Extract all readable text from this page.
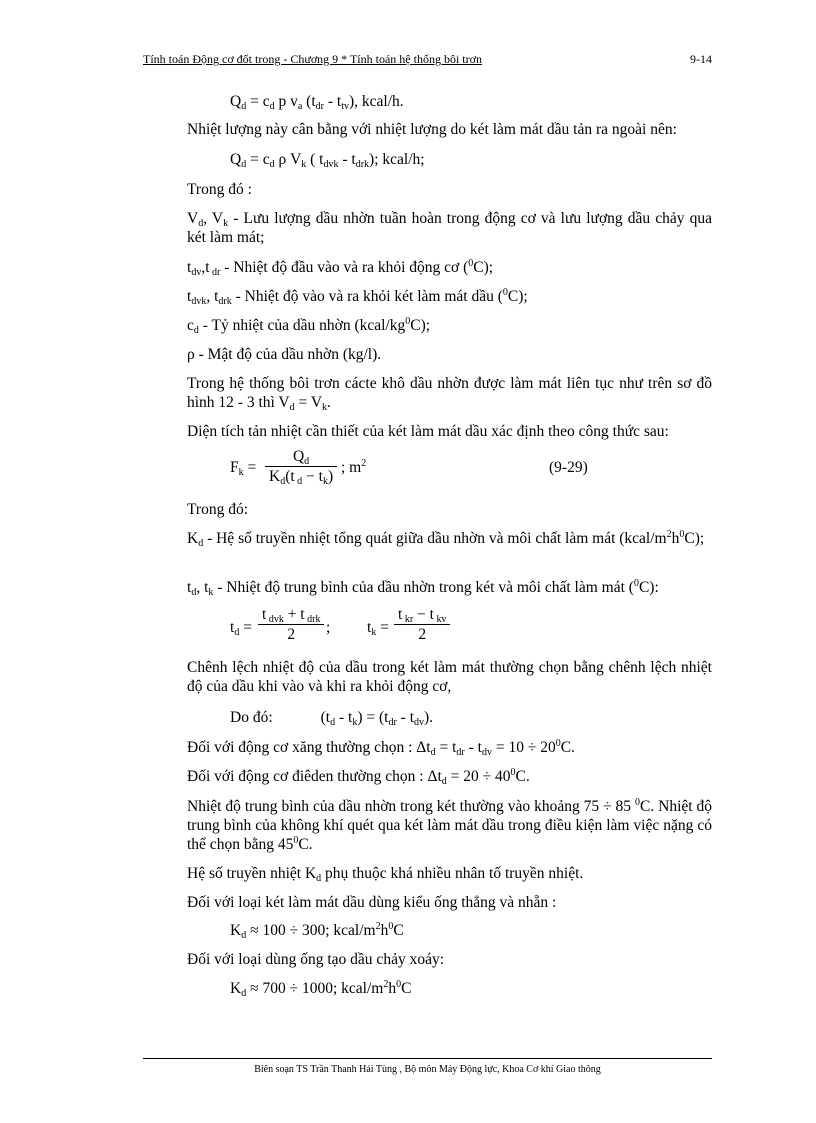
Tính toán Động cơ đốt trong - Chương 9 * Tính toán hệ thống bôi trơn	9-14
$Q_d = c_d$ p $v_a$ $(t_{dr} - t_{tv})$, kcal/h.
Nhiệt lượng này cân bằng với nhiệt lượng do két làm mát dầu tản ra ngoài nên:
$Q_d = c_d$ ρ $V_k$ ( $t_{dvk} - t_{drk}$); kcal/h;
Trong đó :
$V_d$, $V_k$ - Lưu lượng dầu nhờn tuần hoàn trong động cơ và lưu lượng dầu chảy qua két làm mát;
$t_{dv},t$ $_{dr}$ - Nhiệt độ đầu vào và ra khỏi động cơ ($^0$C);
$t_{dvk}$, $t_{drk}$ - Nhiệt độ vào và ra khỏi két làm mát dầu ($^0$C);
$c_d$ - Tỷ nhiệt của dầu nhờn $(kcal/kg^0C)$;
ρ - Mật độ của dầu nhờn (kg/l).
Trong hệ thống bôi trơn cácte khô dầu nhờn được làm mát liên tục như trên sơ đồ hình 12 - 3 thì $V_d = V_k$.
Diện tích tản nhiệt cần thiết của két làm mát dầu xác định theo công thức sau:
$F_k = \frac{Q_d}{K_d(t _d - t_k)}$ ; $m^2$	(9-29)
Trong đó:
$K_d$ - Hệ số truyền nhiệt tổng quát giữa dầu nhờn và môi chất làm mát $(kcal/m^2h^0C)$;
$t_d$, $t_k$ - Nhiệt độ trung bình của dầu nhờn trong két và môi chất làm mát ($^0$C):
$t_d$ =
t $_{dvk}$ + t $_{drk}$
2	; $t_k = \frac{t _{kr} - t _{kv}}{2}$
Chênh lệch nhiệt độ của dầu trong két làm mát thường chọn bằng chênh lệch nhiệt độ của dầu khi vào và khi ra khỏi động cơ,
Do đó:	$(t_d - t_k) = (t_{dr} - t_{dv})$.
Đối với động cơ xăng thường chọn : $\Delta t_d = t_{dr} - t_{dv} = 10 \div 20^0C$.
Đối với động cơ điêden thường chọn : $\Delta t_d = 20 \div 40^0C$.
Nhiệt độ trung bình của dầu nhờn trong két thường vào khoảng 75 ÷ 85 $^0$C. Nhiệt độ trung bình của không khí quét qua két làm mát dầu trong điều kiện làm việc nặng có thể chọn bằng $45^0C$.
Hệ số truyền nhiệt $K_d$ phụ thuộc khá nhiều nhân tố truyền nhiệt.
Đối với loại két làm mát dầu dùng kiểu ống thẳng và nhẵn :
$K_d \approx 100 \div 300$; kcal/$m^2h^0C$
Đối với loại dùng ống tạo dầu chảy xoáy:
$K_d \approx 700 \div 1000$; kcal/$m^2h^0C$
Biên soạn TS Trần Thanh Hải Tùng , Bộ môn Máy Động lực, Khoa Cơ khí Giao thông
